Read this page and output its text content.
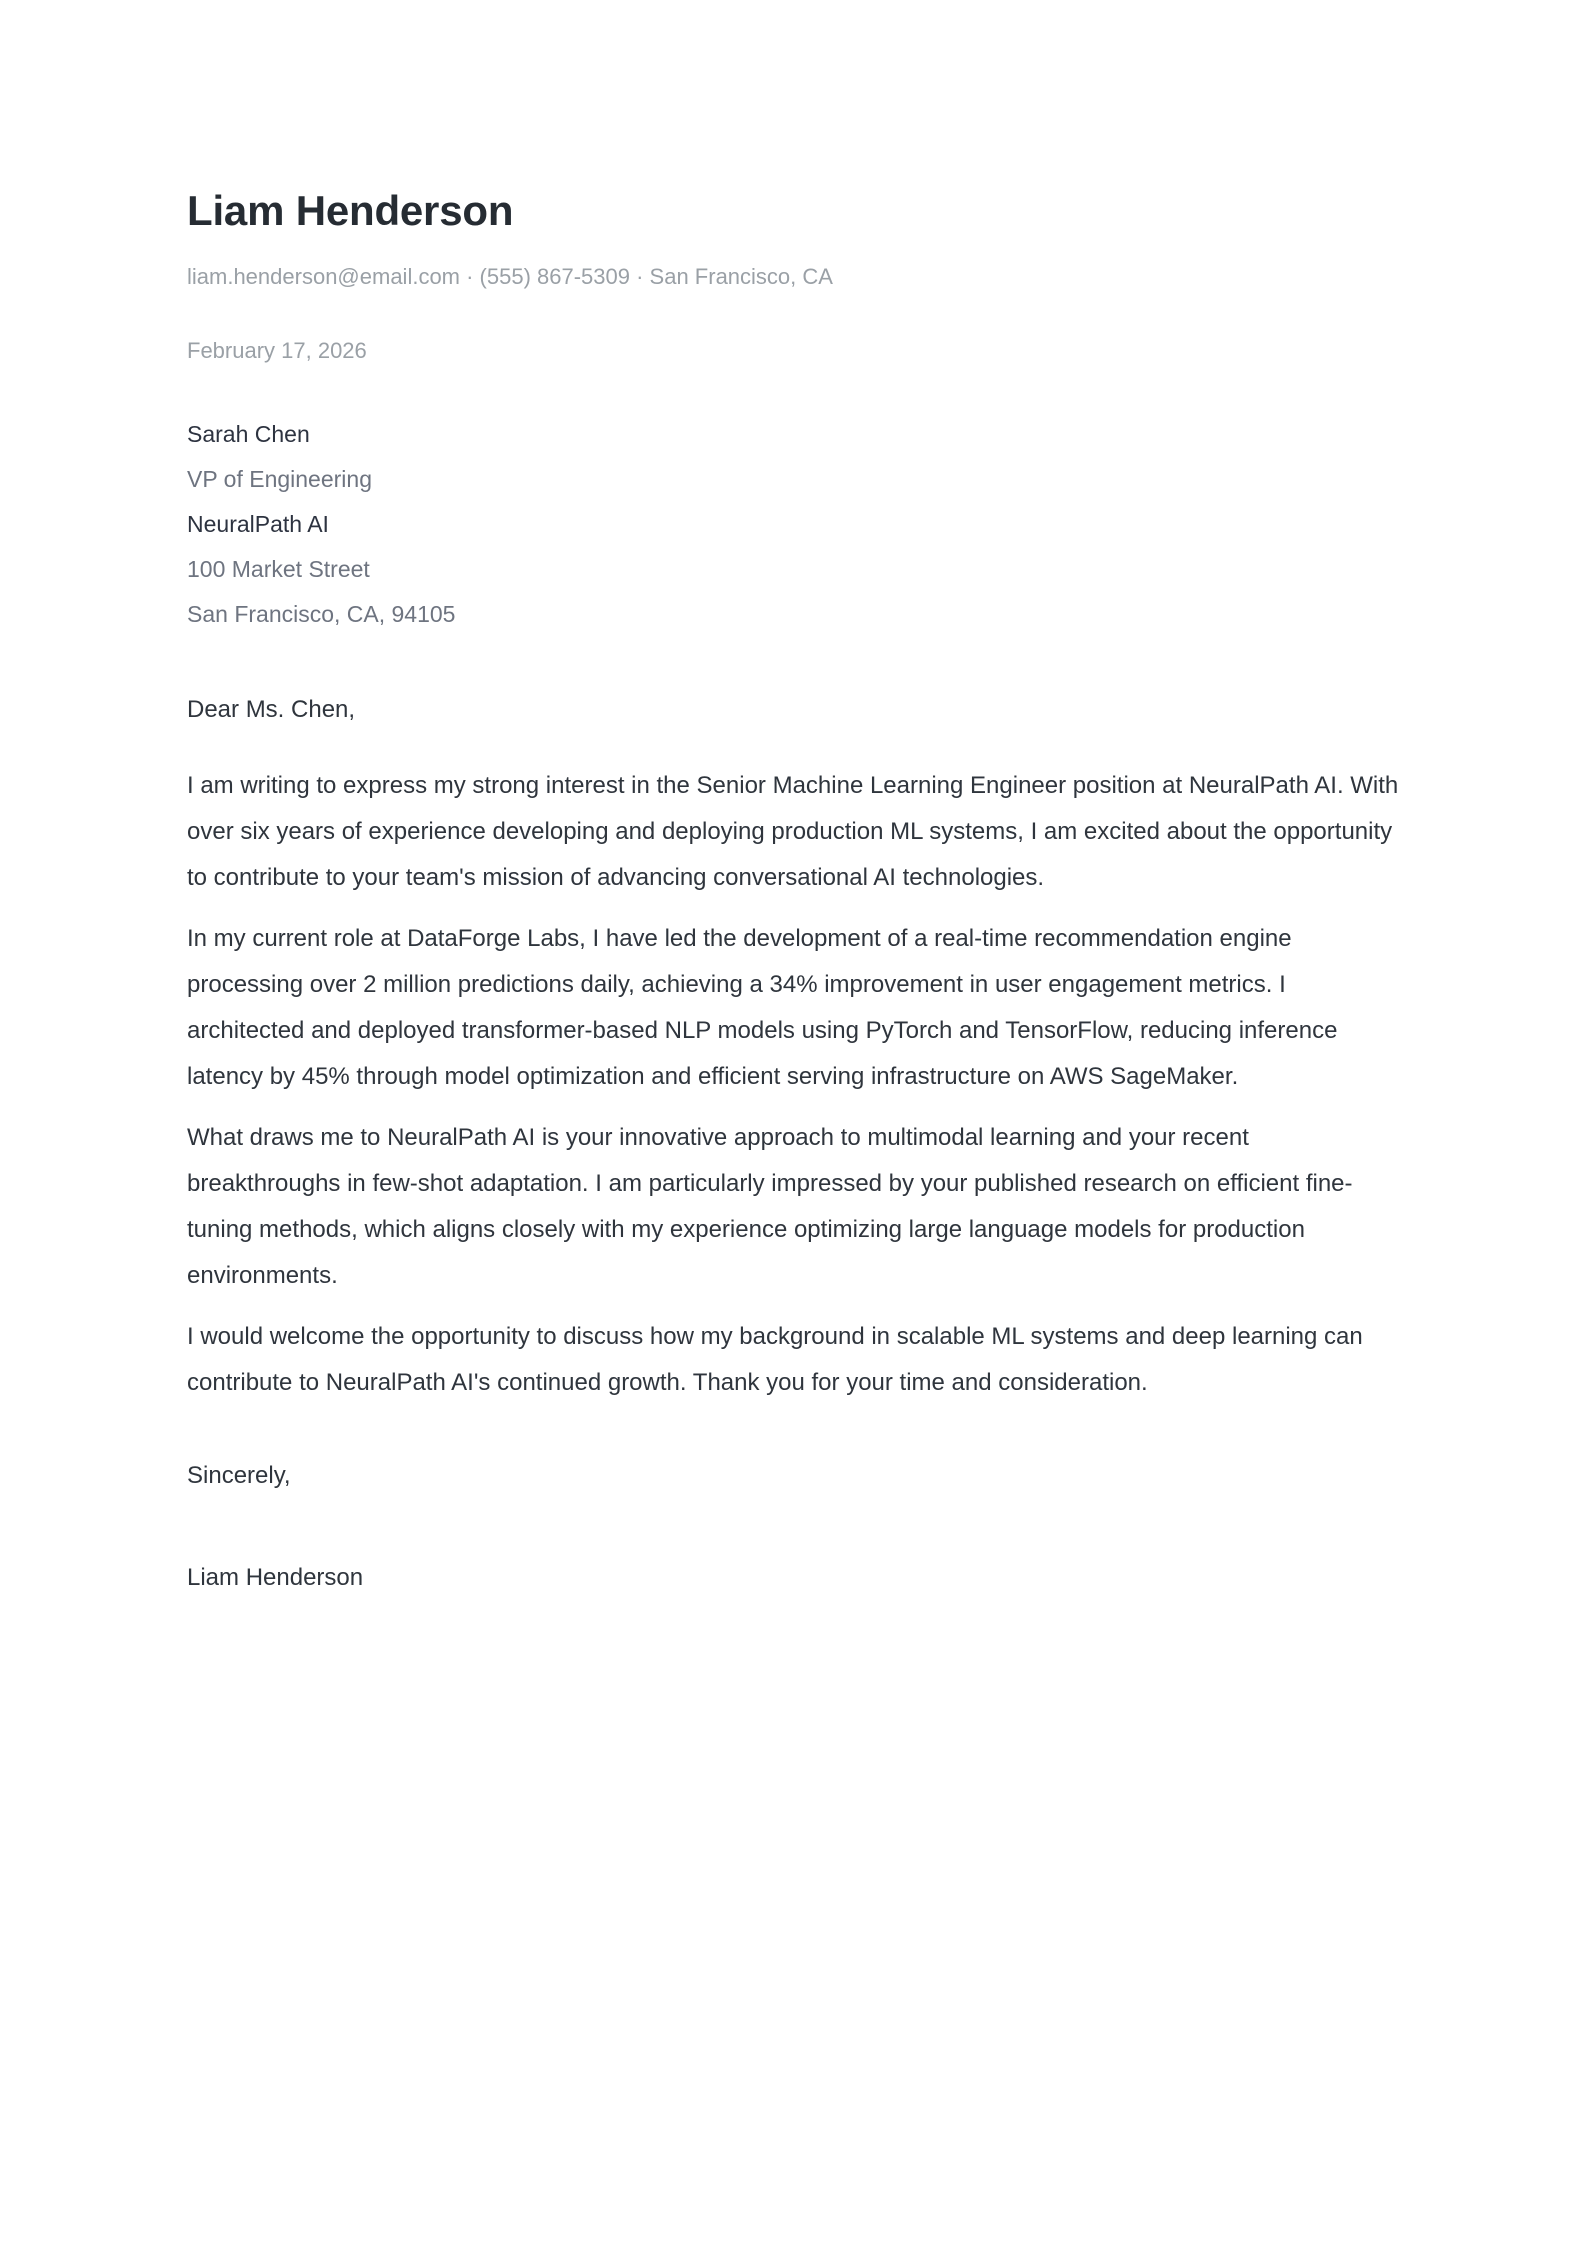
Liam Henderson

liam.henderson@email.com · (555) 867-5309 · San Francisco, CA

February 17, 2026

Sarah Chen

VP of Engineering

NeuralPath AI

100 Market Street

San Francisco, CA, 94105

Dear Ms. Chen,

I am writing to express my strong interest in the Senior Machine Learning Engineer position at NeuralPath AI. With over six years of experience developing and deploying production ML systems, I am excited about the opportunity to contribute to your team's mission of advancing conversational AI technologies.

In my current role at DataForge Labs, I have led the development of a real-time recommendation engine processing over 2 million predictions daily, achieving a 34% improvement in user engagement metrics. I architected and deployed transformer-based NLP models using PyTorch and TensorFlow, reducing inference latency by 45% through model optimization and efficient serving infrastructure on AWS SageMaker.

What draws me to NeuralPath AI is your innovative approach to multimodal learning and your recent breakthroughs in few-shot adaptation. I am particularly impressed by your published research on efficient fine-tuning methods, which aligns closely with my experience optimizing large language models for production environments.

I would welcome the opportunity to discuss how my background in scalable ML systems and deep learning can contribute to NeuralPath AI's continued growth. Thank you for your time and consideration.

Sincerely,

Liam Henderson
